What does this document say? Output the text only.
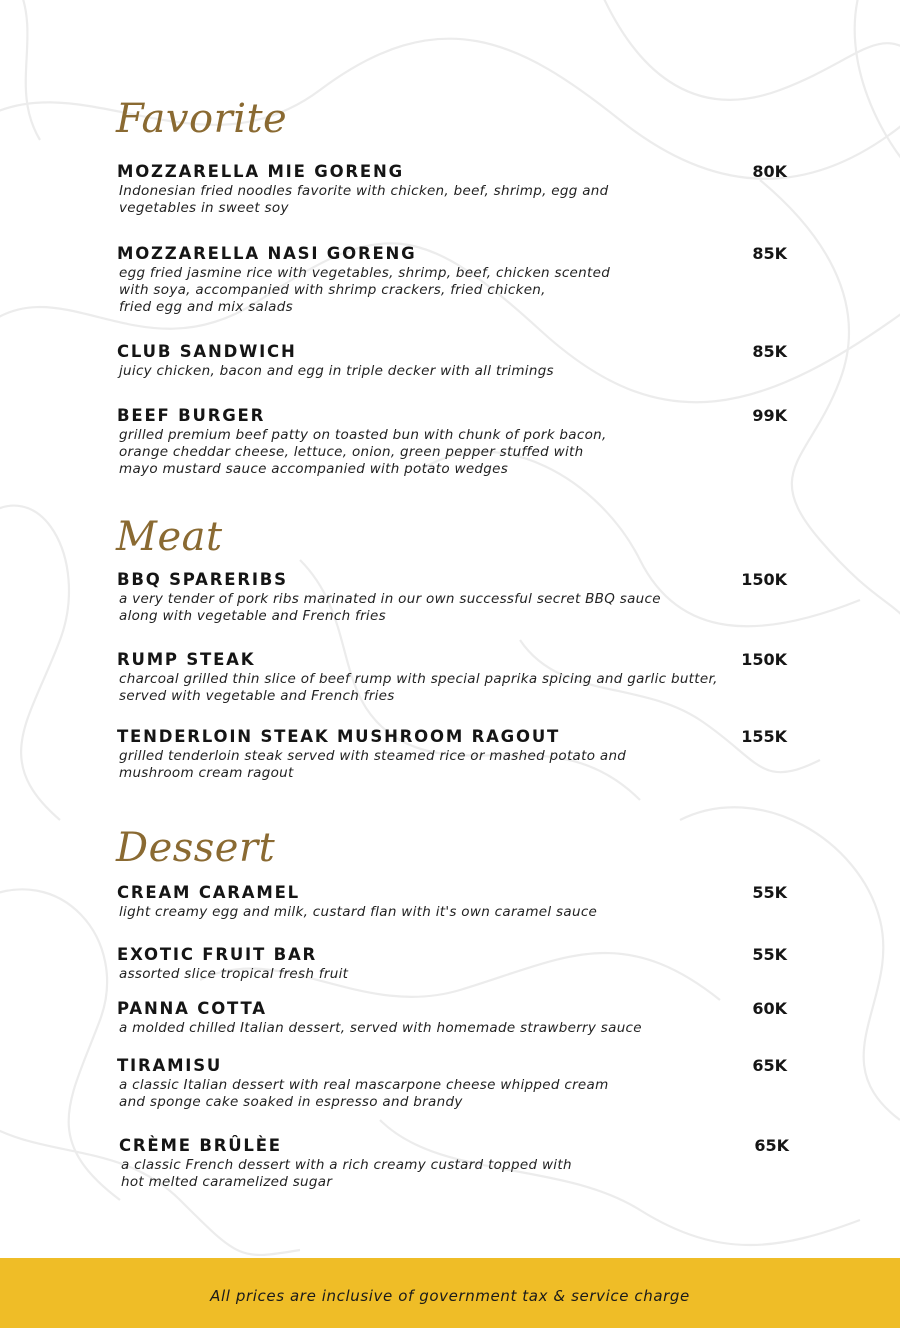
Favorite
MOZZARELLA MIE GORENG	80K
Indonesian fried noodles favorite with chicken, beef, shrimp, egg and
vegetables in sweet soy
MOZZARELLA NASI GORENG	85K
egg fried jasmine rice with vegetables, shrimp, beef, chicken scented
with soya, accompanied with shrimp crackers, fried chicken,
fried egg and mix salads
CLUB SANDWICH	85K
juicy chicken, bacon and egg in triple decker with all trimings
BEEF BURGER	99K
grilled premium beef patty on toasted bun with chunk of pork bacon,
orange cheddar cheese, lettuce, onion, green pepper stuffed with
mayo mustard sauce accompanied with potato wedges
Meat
BBQ SPARERIBS	150K
a very tender of pork ribs marinated in our own successful secret BBQ sauce
along with vegetable and French fries
RUMP STEAK	150K
charcoal grilled thin slice of beef rump with special paprika spicing and garlic butter,
served with vegetable and French fries
TENDERLOIN STEAK MUSHROOM RAGOUT	155K
grilled tenderloin steak served with steamed rice or mashed potato and
mushroom cream ragout
Dessert
CREAM CARAMEL	55K
light creamy egg and milk, custard flan with it's own caramel sauce
EXOTIC FRUIT BAR	55K
assorted slice tropical fresh fruit
PANNA COTTA	60K
a molded chilled Italian dessert, served with homemade strawberry sauce
TIRAMISU	65K
a classic Italian dessert with real mascarpone cheese whipped cream
and sponge cake soaked in espresso and brandy
CRÈME BRÛLÈE	65K
a classic French dessert with a rich creamy custard topped with
hot melted caramelized sugar
All prices are inclusive of government tax & service charge
